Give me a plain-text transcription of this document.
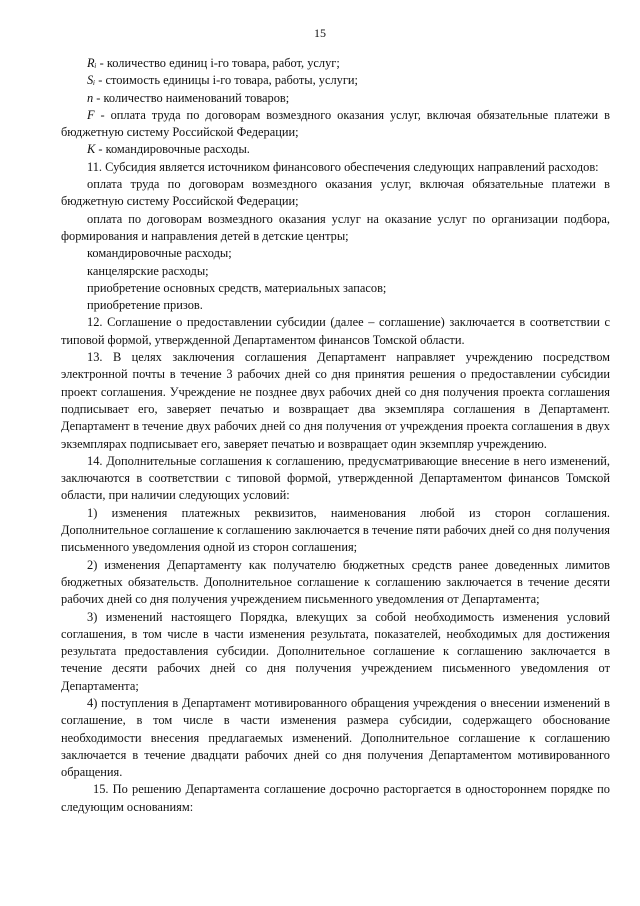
15

Rᵢ - количество единиц i-го товара, работ, услуг;

Sᵢ - стоимость единицы i-го товара, работы, услуги;

n - количество наименований товаров;

F - оплата труда по договорам возмездного оказания услуг, включая обязательные платежи в бюджетную систему Российской Федерации;

K - командировочные расходы.

11. Субсидия является источником финансового обеспечения следующих направлений расходов:

оплата труда по договорам возмездного оказания услуг, включая обязательные платежи в бюджетную систему Российской Федерации;

оплата по договорам возмездного оказания услуг на оказание услуг по организации подбора, формирования и направления детей в детские центры;

командировочные расходы;

канцелярские расходы;

приобретение основных средств, материальных запасов;

приобретение призов.

12. Соглашение о предоставлении субсидии (далее – соглашение) заключается в соответствии с типовой формой, утвержденной Департаментом финансов Томской области.

13. В целях заключения соглашения Департамент направляет учреждению посредством электронной почты в течение 3 рабочих дней со дня принятия решения о предоставлении субсидии проект соглашения. Учреждение не позднее двух рабочих дней со дня получения проекта соглашения подписывает его, заверяет печатью и возвращает два экземпляра соглашения в Департамент. Департамент в течение двух рабочих дней со дня получения от учреждения проекта соглашения в двух экземплярах подписывает его, заверяет печатью и возвращает один экземпляр учреждению.

14. Дополнительные соглашения к соглашению, предусматривающие внесение в него изменений, заключаются в соответствии с типовой формой, утвержденной Департаментом финансов Томской области, при наличии следующих условий:

1) изменения платежных реквизитов, наименования любой из сторон соглашения. Дополнительное соглашение к соглашению заключается в течение пяти рабочих дней со дня получения письменного уведомления одной из сторон соглашения;

2) изменения Департаменту как получателю бюджетных средств ранее доведенных лимитов бюджетных обязательств. Дополнительное соглашение к соглашению заключается в течение десяти рабочих дней со дня получения учреждением письменного уведомления от Департамента;

3) изменений настоящего Порядка, влекущих за собой необходимость изменения условий соглашения, в том числе в части изменения результата, показателей, необходимых для достижения результата предоставления субсидии. Дополнительное соглашение к соглашению заключается в течение десяти рабочих дней со дня получения учреждением письменного уведомления от Департамента;

4) поступления в Департамент мотивированного обращения учреждения о внесении изменений в соглашение, в том числе в части изменения размера субсидии, содержащего обоснование необходимости внесения предлагаемых изменений. Дополнительное соглашение к соглашению заключается в течение двадцати рабочих дней со дня получения Департаментом мотивированного обращения.

15. По решению Департамента соглашение досрочно расторгается в одностороннем порядке по следующим основаниям:
